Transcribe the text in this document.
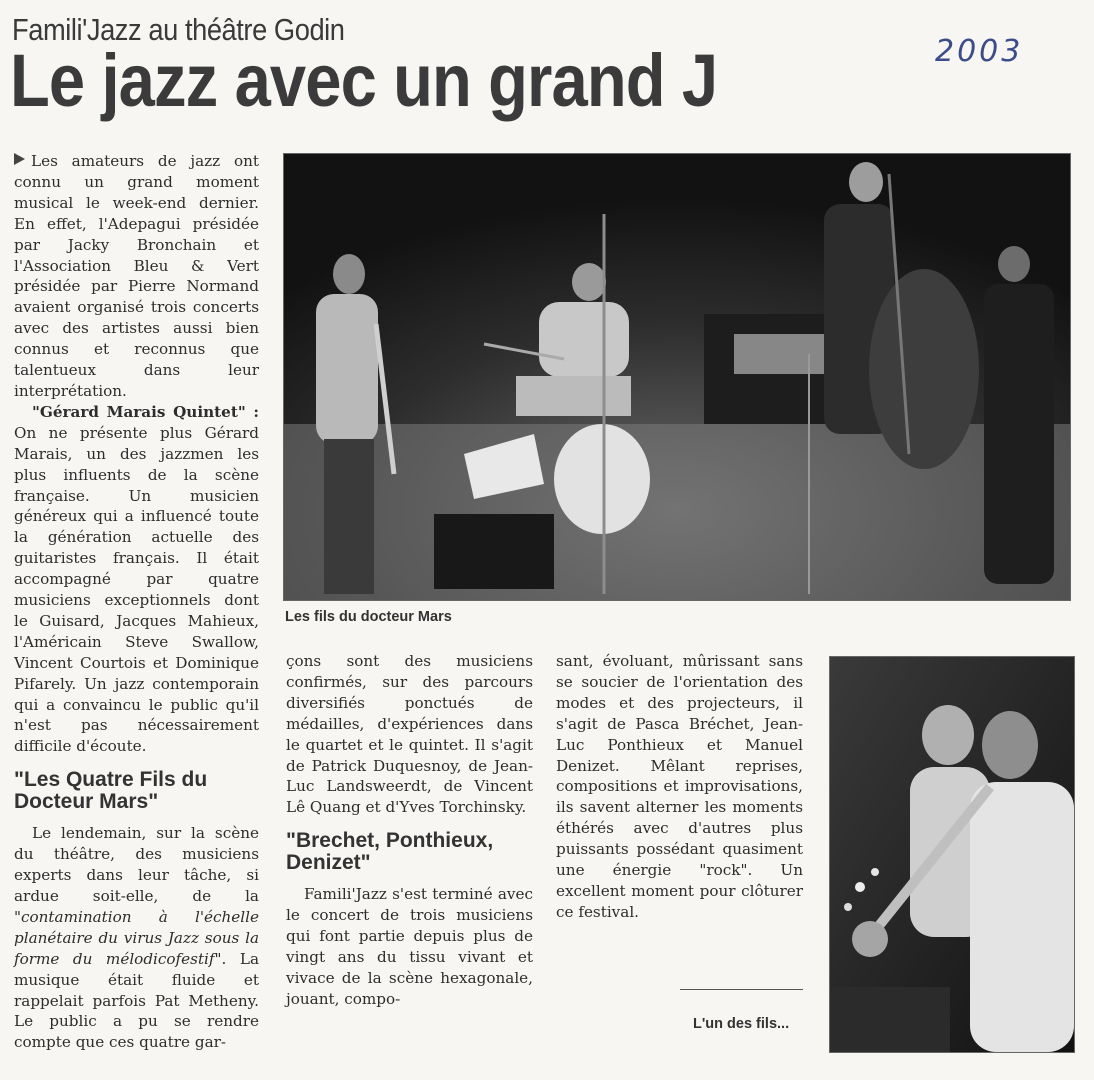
Famili'Jazz au théâtre Godin
Le jazz avec un grand J	2003

Les amateurs de jazz ont connu un grand moment musical le week-end dernier. En effet, l'Adepagui présidée par Jacky Bronchain et l'Association Bleu & Vert présidée par Pierre Normand avaient organisé trois concerts avec des artistes aussi bien connus et reconnus que talentueux dans leur interprétation.

"Gérard Marais Quintet" : On ne présente plus Gérard Marais, un des jazzmen les plus influents de la scène française. Un musicien généreux qui a influencé toute la génération actuelle des guitaristes français. Il était accompagné par quatre musiciens exceptionnels dont le Guisard, Jacques Mahieux, l'Américain Steve Swallow, Vincent Courtois et Dominique Pifarely. Un jazz contemporain qui a convaincu le public qu'il n'est pas nécessairement difficile d'écoute.

"Les Quatre Fils du Docteur Mars"

Le lendemain, sur la scène du théâtre, des musiciens experts dans leur tâche, si ardue soit-elle, de la "contamination à l'échelle planétaire du virus Jazz sous la forme du mélodicofestif". La musique était fluide et rappelait parfois Pat Metheny. Le public a pu se rendre compte que ces quatre gar-

Les fils du docteur Mars

çons sont des musiciens confirmés, sur des parcours diversifiés ponctués de médailles, d'expériences dans le quartet et le quintet. Il s'agit de Patrick Duquesnoy, de Jean-Luc Landsweerdt, de Vincent Lê Quang et d'Yves Torchinsky.

"Brechet, Ponthieux, Denizet"

Famili'Jazz s'est terminé avec le concert de trois musiciens qui font partie depuis plus de vingt ans du tissu vivant et vivace de la scène hexagonale, jouant, compo-

sant, évoluant, mûrissant sans se soucier de l'orientation des modes et des projecteurs, il s'agit de Pasca Bréchet, Jean-Luc Ponthieux et Manuel Denizet. Mêlant reprises, compositions et improvisations, ils savent alterner les moments éthérés avec d'autres plus puissants possédant quasiment une énergie "rock". Un excellent moment pour clôturer ce festival.

L'un des fils...
